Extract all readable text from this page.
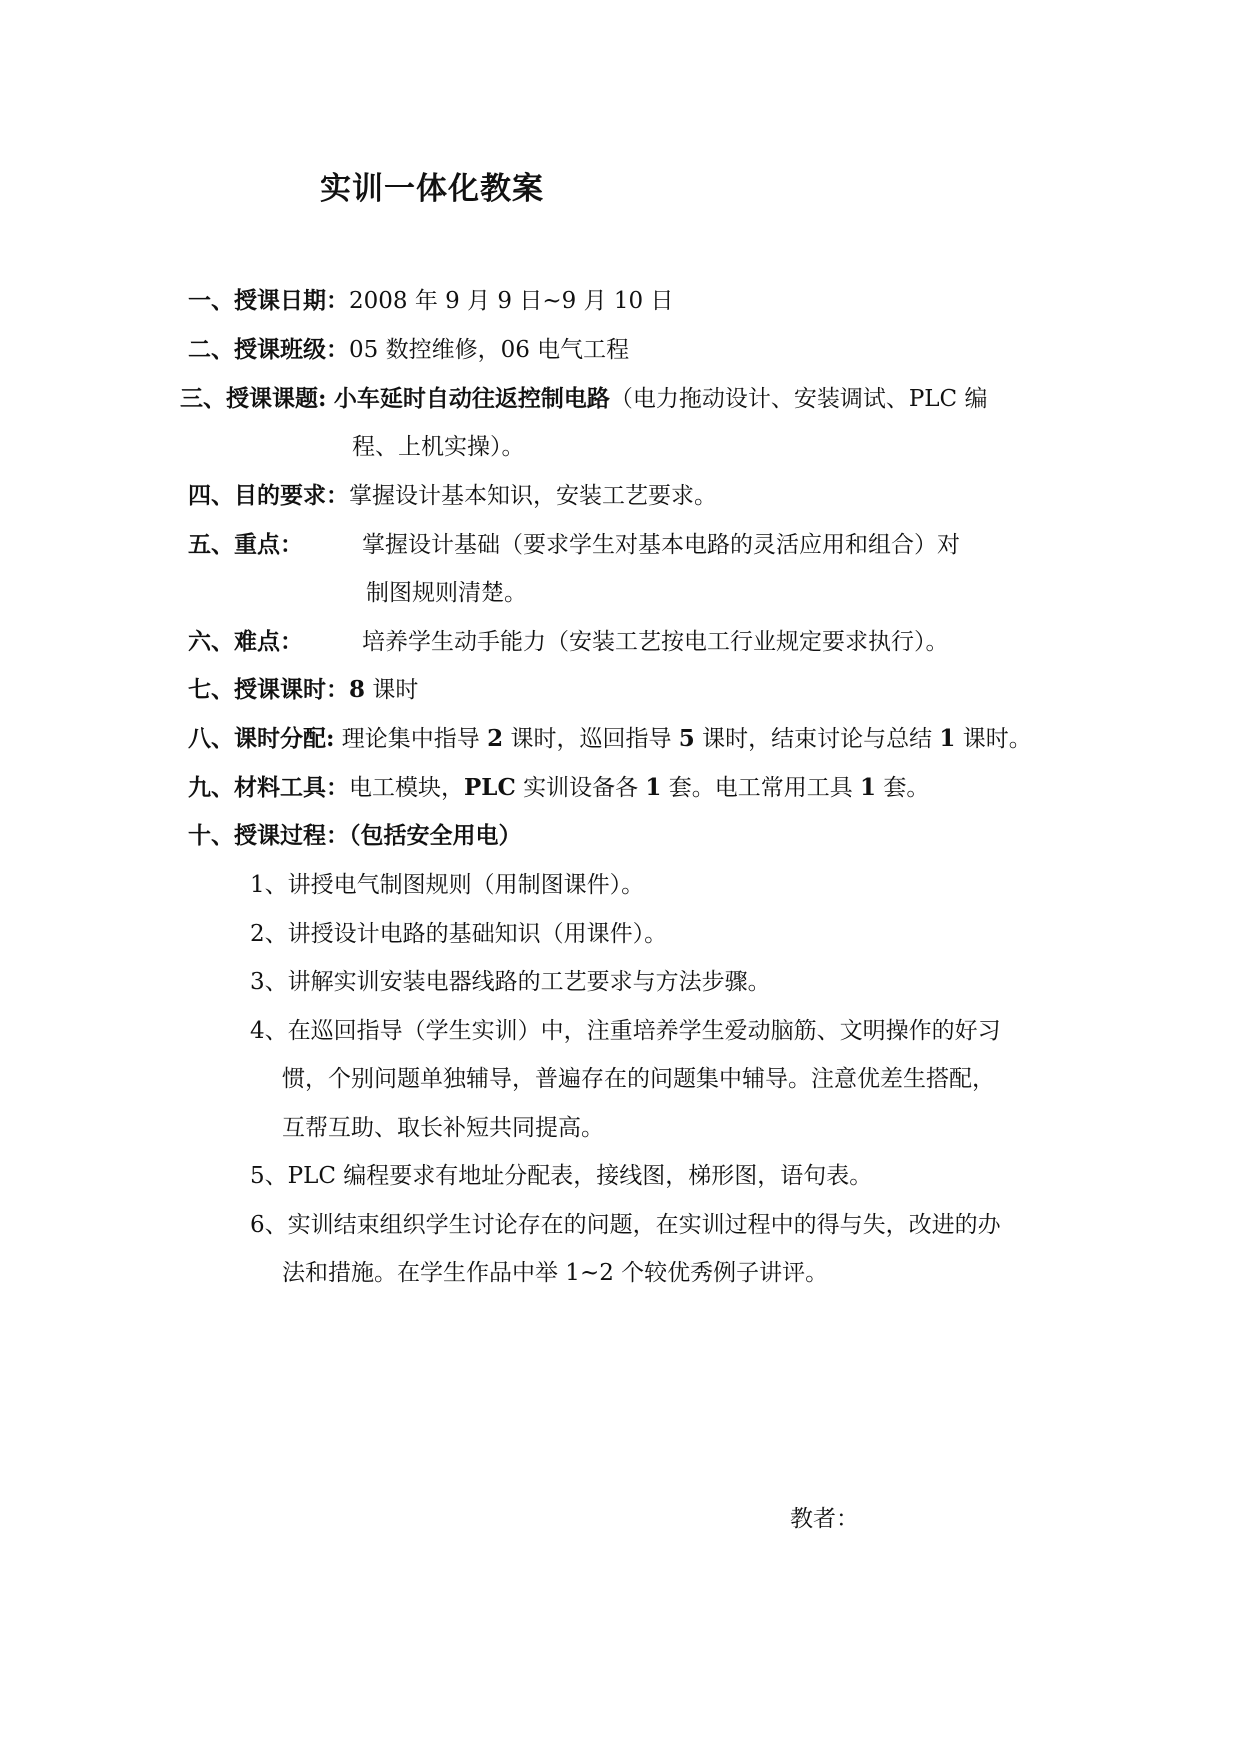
实训一体化教案
一、授课日期：2008 年 9 月 9 日~9 月 10 日
二、授课班级：05 数控维修，06 电气工程
三、授课课题: 小车延时自动往返控制电路（电力拖动设计、安装调试、PLC 编
程、上机实操）。
四、目的要求：掌握设计基本知识，安装工艺要求。
五、重点：	掌握设计基础（要求学生对基本电路的灵活应用和组合）对
制图规则清楚。
六、难点：	培养学生动手能力（安装工艺按电工行业规定要求执行）。
七、授课课时：8 课时
八、课时分配: 理论集中指导 2 课时，巡回指导 5 课时，结束讨论与总结 1 课时。
九、材料工具：电工模块，PLC 实训设备各 1 套。电工常用工具 1 套。
十、授课过程：（包括安全用电）
1、讲授电气制图规则（用制图课件）。
2、讲授设计电路的基础知识（用课件）。
3、讲解实训安装电器线路的工艺要求与方法步骤。
4、在巡回指导（学生实训）中，注重培养学生爱动脑筋、文明操作的好习
惯，个别问题单独辅导，普遍存在的问题集中辅导。注意优差生搭配，
互帮互助、取长补短共同提高。
5、PLC 编程要求有地址分配表，接线图，梯形图，语句表。
6、实训结束组织学生讨论存在的问题，在实训过程中的得与失，改进的办
法和措施。在学生作品中举 1~2 个较优秀例子讲评。
教者：
